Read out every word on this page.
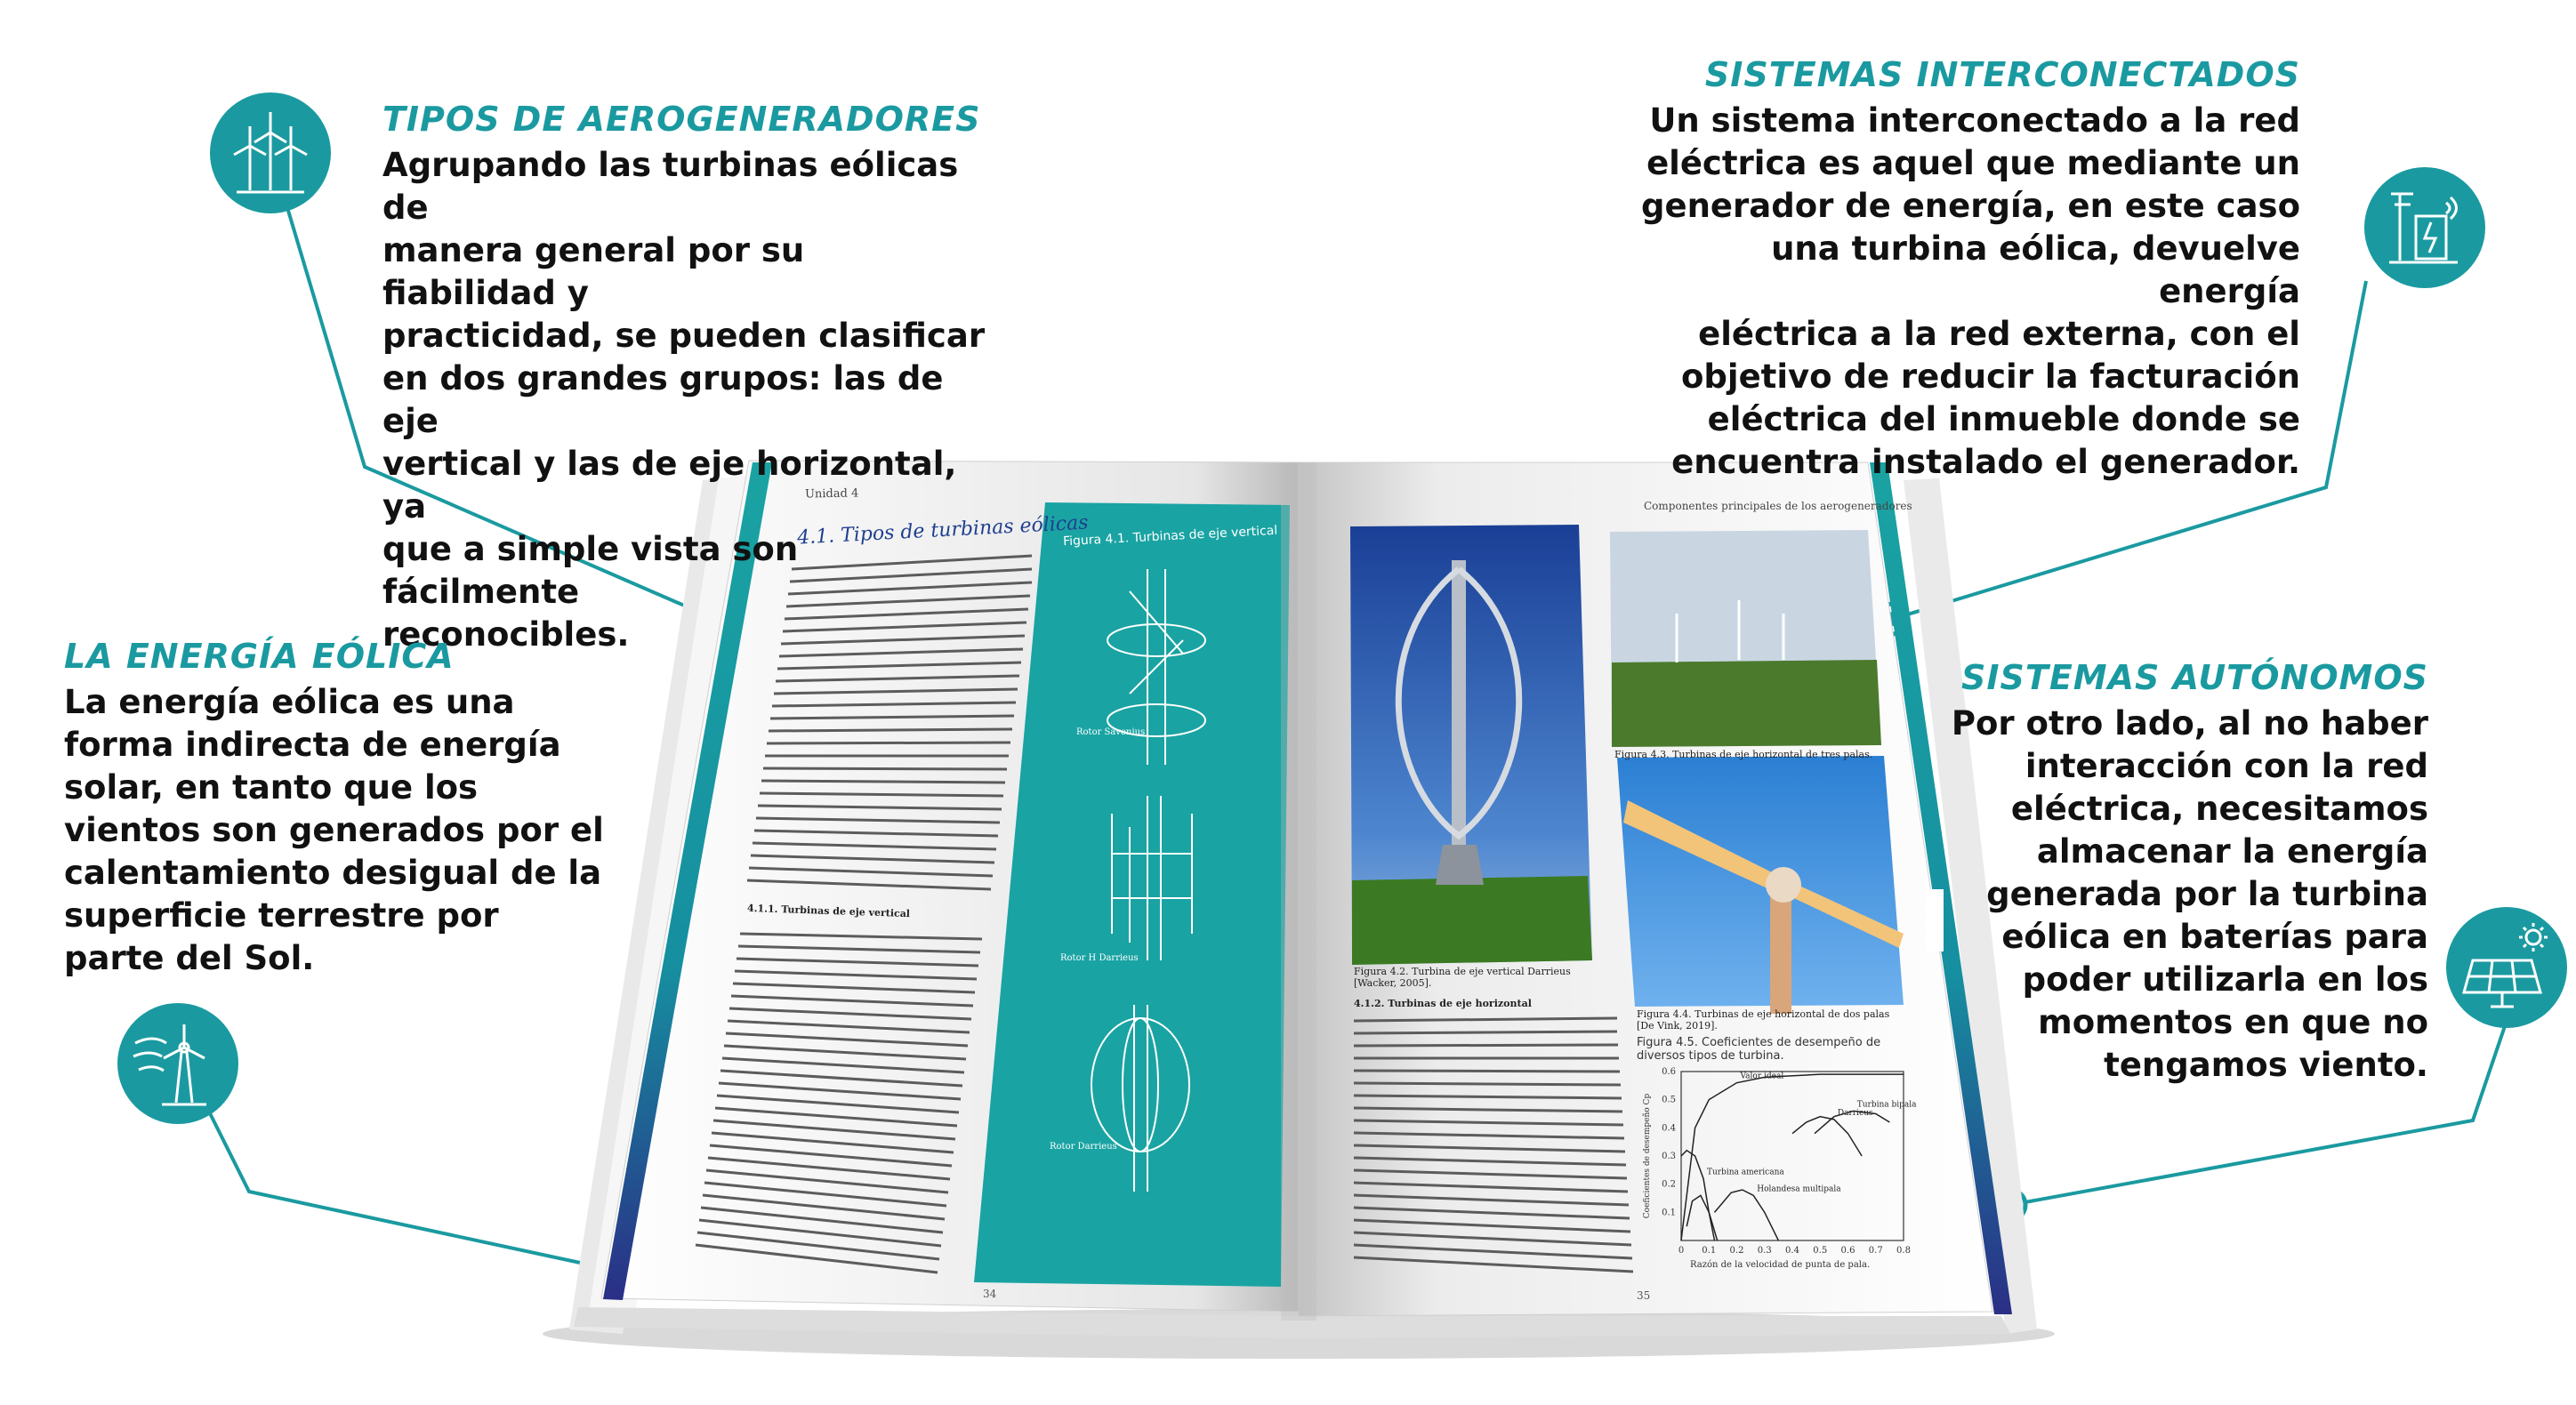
Unidad 4
Componentes principales de los aerogeneradores
4.1. Tipos de turbinas eólicas
Figura 4.1. Turbinas de eje vertical
Rotor Savonius
Rotor H Darrieus
Rotor Darrieus
4.1.1. Turbinas de eje vertical
Figura 4.2. Turbina de eje vertical Darrieus [Wacker, 2005].
Figura 4.3. Turbinas de eje horizontal de tres palas.
Figura 4.4. Turbinas de eje horizontal de dos palas [De Vink, 2019].
4.1.2. Turbinas de eje horizontal
34	35
Figura 4.5. Coeficientes de desempeño de diversos tipos de turbina.
0 0.1 0.2 0.3 0.4 0.5 0.6 0.7 0.8
0.1
0.2
0.3
0.4
0.5
0.6
Coeficientes de desempeño Cp
Valor ideal
Darrieus
Turbina bipala
Turbina americana
Holandesa multipala
Razón de la velocidad de punta de pala.
TIPOS DE AEROGENERADORES

Agrupando las turbinas eólicas de
manera general por su fiabilidad y
practicidad, se pueden clasificar
en dos grandes grupos: las de eje
vertical y las de eje horizontal, ya
que a simple vista son fácilmente
reconocibles.

LA ENERGÍA EÓLICA

La energía eólica es una
forma indirecta de energía
solar, en tanto que los
vientos son generados por el
calentamiento desigual de la
superficie terrestre por
parte del Sol.

SISTEMAS INTERCONECTADOS

Un sistema interconectado a la red
eléctrica es aquel que mediante un
generador de energía, en este caso
una turbina eólica, devuelve energía
eléctrica a la red externa, con el
objetivo de reducir la facturación
eléctrica del inmueble donde se
encuentra instalado el generador.

SISTEMAS AUTÓNOMOS

Por otro lado, al no haber
interacción con la red
eléctrica, necesitamos
almacenar la energía
generada por la turbina
eólica en baterías para
poder utilizarla en los
momentos en que no
tengamos viento.
